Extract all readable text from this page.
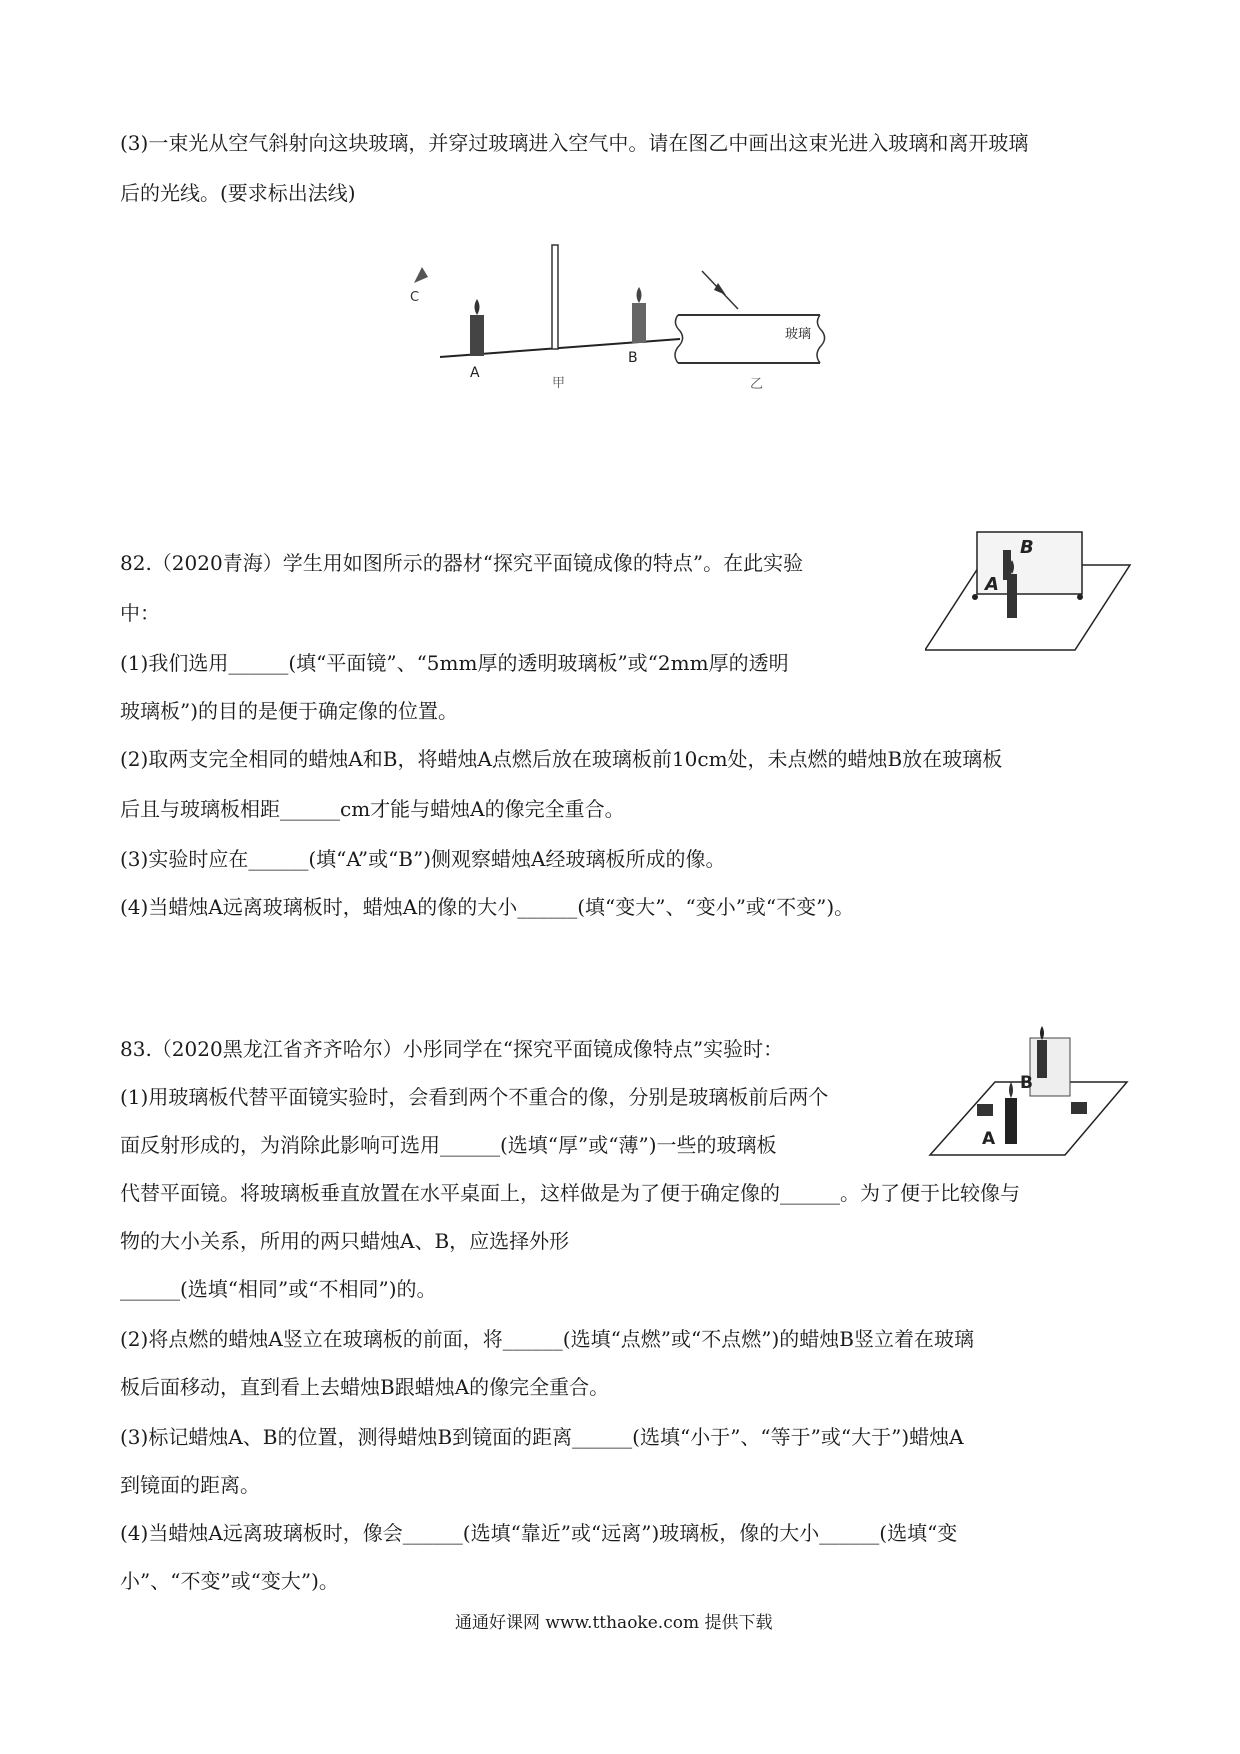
(3)一束光从空气斜射向这块玻璃，并穿过玻璃进入空气中。请在图乙中画出这束光进入玻璃和离开玻璃
后的光线。(要求标出法线)
C
A
B
甲
玻璃
乙
82.（2020青海）学生用如图所示的器材“探究平面镜成像的特点”。在此实验
中：
(1)我们选用______(填“平面镜”、“5mm厚的透明玻璃板”或“2mm厚的透明
玻璃板”)的目的是便于确定像的位置。
(2)取两支完全相同的蜡烛A和B，将蜡烛A点燃后放在玻璃板前10cm处，未点燃的蜡烛B放在玻璃板
后且与玻璃板相距______cm才能与蜡烛A的像完全重合。
(3)实验时应在______(填“A”或“B”)侧观察蜡烛A经玻璃板所成的像。
(4)当蜡烛A远离玻璃板时，蜡烛A的像的大小______(填“变大”、“变小”或“不变”)。
A
B
83.（2020黑龙江省齐齐哈尔）小彤同学在“探究平面镜成像特点”实验时：
(1)用玻璃板代替平面镜实验时，会看到两个不重合的像，分别是玻璃板前后两个
面反射形成的，为消除此影响可选用______(选填“厚”或“薄”)一些的玻璃板
代替平面镜。将玻璃板垂直放置在水平桌面上，这样做是为了便于确定像的______。为了便于比较像与
物的大小关系，所用的两只蜡烛A、B，应选择外形
______(选填“相同”或“不相同”)的。
(2)将点燃的蜡烛A竖立在玻璃板的前面，将______(选填“点燃”或“不点燃”)的蜡烛B竖立着在玻璃
板后面移动，直到看上去蜡烛B跟蜡烛A的像完全重合。
(3)标记蜡烛A、B的位置，测得蜡烛B到镜面的距离______(选填“小于”、“等于”或“大于”)蜡烛A
到镜面的距离。
(4)当蜡烛A远离玻璃板时，像会______(选填“靠近”或“远离”)玻璃板，像的大小______(选填“变
小”、“不变”或“变大”)。
A
B
通通好课网 www.tthaoke.com 提供下载
